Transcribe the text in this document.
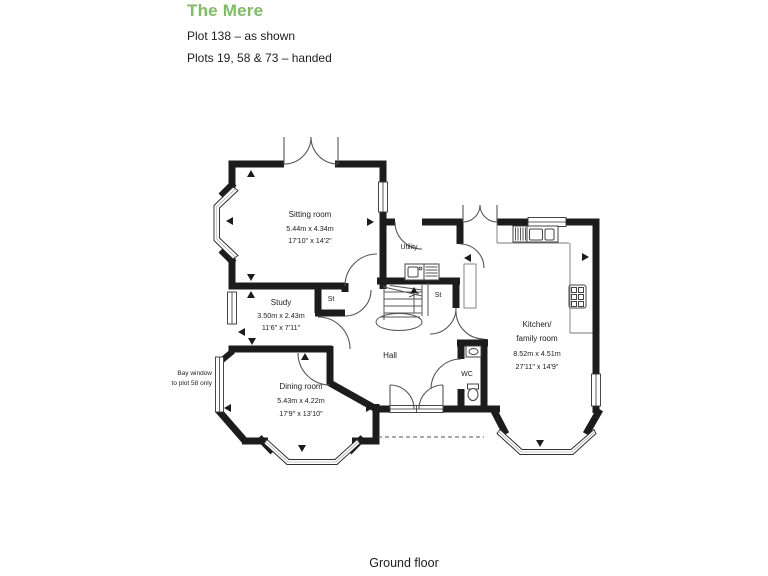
The Mere
Plot 138 – as shown
Plots 19, 58 & 73 – handed
Bay window
to plot 58 only
Sitting room
5.44m x 4.34m
17'10" x 14'2"
Study
3.50m x 2.43m
11'6" x 7'11"
Dining room
5.43m x 4.22m
17'9" x 13'10"
Kitchen/
family room
8.52m x 4.51m
27'11" x 14'9"
Utility
St
St
Hall
WC
Ground floor
